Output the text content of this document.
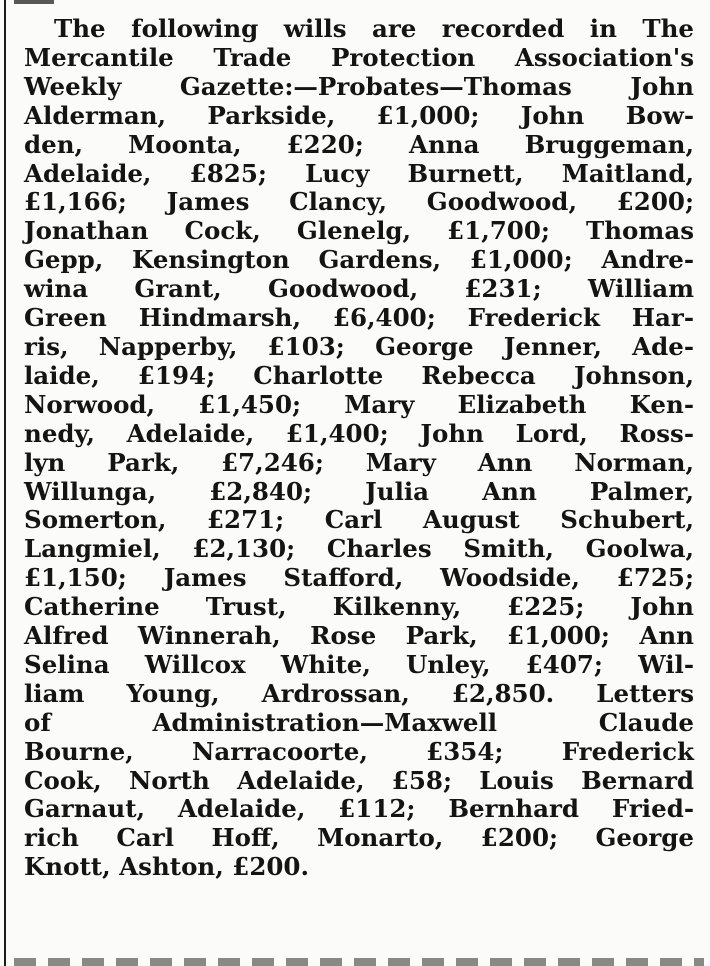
The following wills are recorded in The
Mercantile Trade Protection Association's
Weekly Gazette:—Probates—Thomas John
Alderman, Parkside, £1,000; John Bow-
den, Moonta, £220; Anna Bruggeman,
Adelaide, £825; Lucy Burnett, Maitland,
£1,166; James Clancy, Goodwood, £200;
Jonathan Cock, Glenelg, £1,700; Thomas
Gepp, Kensington Gardens, £1,000; Andre-
wina Grant, Goodwood, £231; William
Green Hindmarsh, £6,400; Frederick Har-
ris, Napperby, £103; George Jenner, Ade-
laide, £194; Charlotte Rebecca Johnson,
Norwood, £1,450; Mary Elizabeth Ken-
nedy, Adelaide, £1,400; John Lord, Ross-
lyn Park, £7,246; Mary Ann Norman,
Willunga, £2,840; Julia Ann Palmer,
Somerton, £271; Carl August Schubert,
Langmiel, £2,130; Charles Smith, Goolwa,
£1,150; James Stafford, Woodside, £725;
Catherine Trust, Kilkenny, £225; John
Alfred Winnerah, Rose Park, £1,000; Ann
Selina Willcox White, Unley, £407; Wil-
liam Young, Ardrossan, £2,850. Letters
of Administration—Maxwell Claude
Bourne, Narracoorte, £354; Frederick
Cook, North Adelaide, £58; Louis Bernard
Garnaut, Adelaide, £112; Bernhard Fried-
rich Carl Hoff, Monarto, £200; George
Knott, Ashton, £200.
